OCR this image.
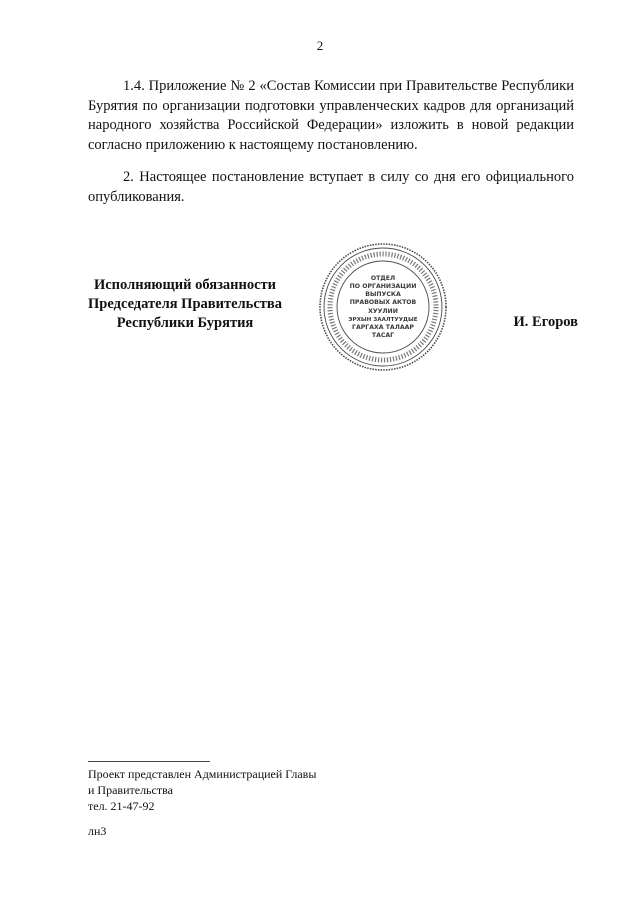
2

1.4. Приложение № 2 «Состав Комиссии при Правительстве Республики Бурятия по организации подготовки управленческих кадров для организаций народного хозяйства Российской Федерации» изложить в новой редакции согласно приложению к настоящему постановлению.

2. Настоящее постановление вступает в силу со дня его официального опубликования.

Исполняющий обязанности
Председателя Правительства
Республики Бурятия
ОТДЕЛ
ПО ОРГАНИЗАЦИИ
ВЫПУСКА
ПРАВОВЫХ АКТОВ
ХУУЛИИ
ЭРХЫН ЗААЛТУУДЫЕ
ГАРГАХА ТАЛААР
ТАСАГ
И. Егоров
Проект представлен Администрацией Главы
и Правительства
тел. 21-47-92
лн3
